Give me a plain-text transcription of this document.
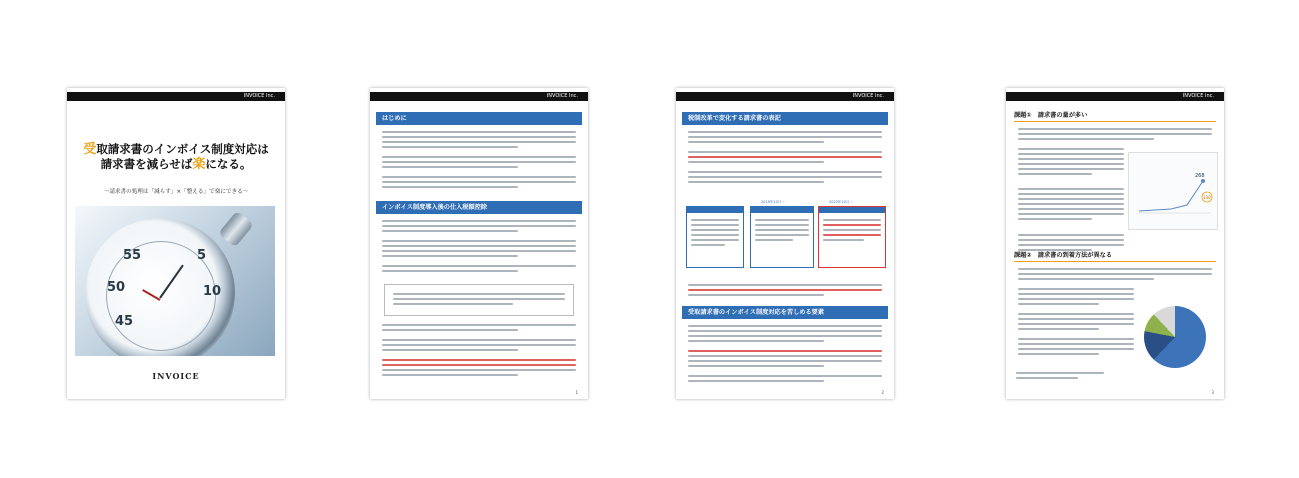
INVOICE Inc.
受取請求書のインボイス制度対応は
請求書を減らせば楽になる。
〜請求書の処理は「減らす」×「整える」で楽にできる〜
55
50
5
10
45
INVOICE
INVOICE Inc.
はじめに
インボイス制度導入後の仕入税額控除
1
INVOICE Inc.
税制改革で変化する請求書の表記
2019年10月〜	2023年10月〜
受取請求書のインボイス制度対応を苦しめる要素
2
INVOICE Inc.
課題①　請求書の量が多い
268
130
課題②　請求書の到着方法が異なる
3
